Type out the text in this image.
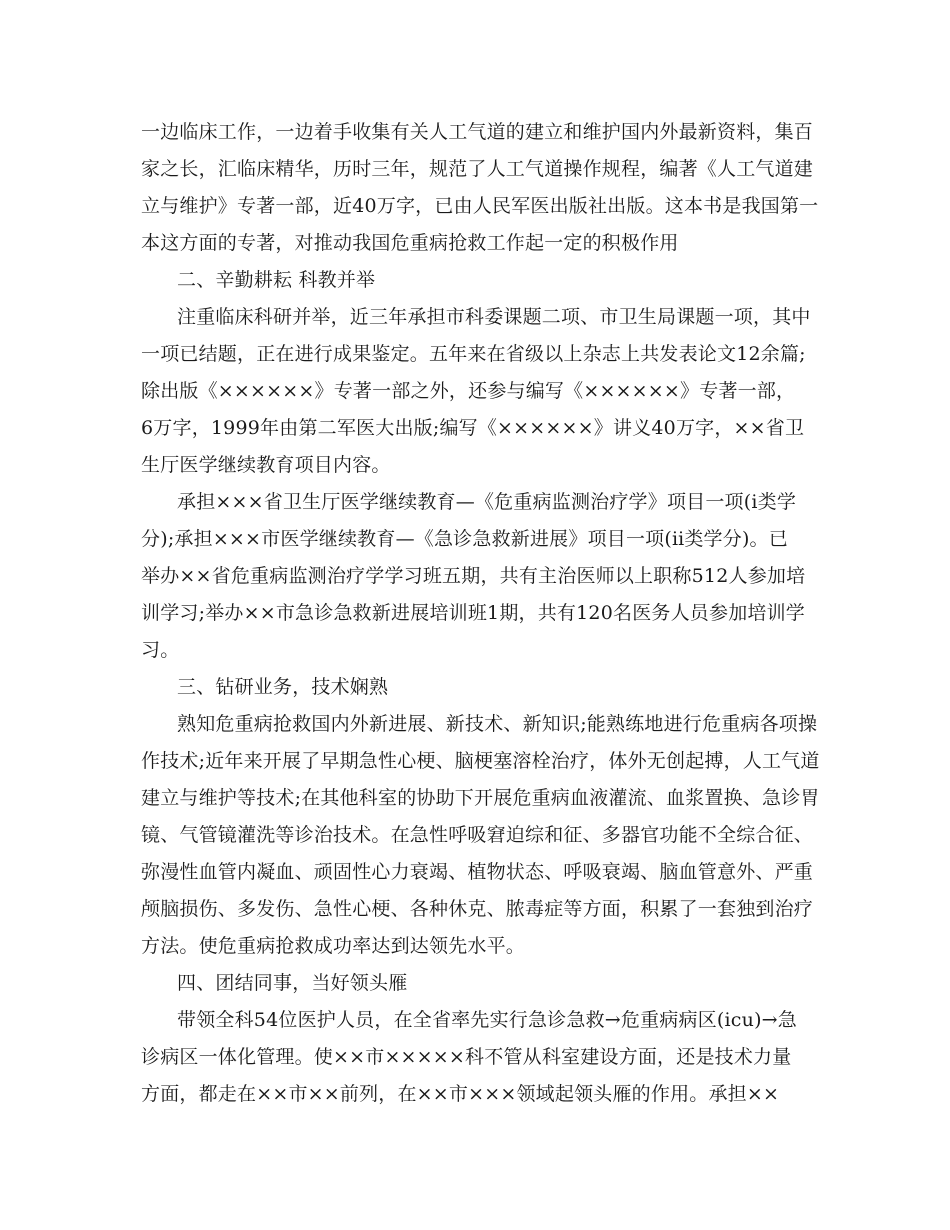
一边临床工作，一边着手收集有关人工气道的建立和维护国内外最新资料，集百
家之长，汇临床精华，历时三年，规范了人工气道操作规程，编著《人工气道建
立与维护》专著一部，近40万字，已由人民军医出版社出版。这本书是我国第一
本这方面的专著，对推动我国危重病抢救工作起一定的积极作用
二、辛勤耕耘 科教并举
注重临床科研并举，近三年承担市科委课题二项、市卫生局课题一项，其中
一项已结题，正在进行成果鉴定。五年来在省级以上杂志上共发表论文12余篇;
除出版《××××××》专著一部之外，还参与编写《××××××》专著一部，
6万字，1999年由第二军医大出版;编写《××××××》讲义40万字，××省卫
生厅医学继续教育项目内容。
承担×××省卫生厅医学继续教育—《危重病监测治疗学》项目一项(ⅰ类学
分);承担×××市医学继续教育—《急诊急救新进展》项目一项(ⅱ类学分)。已
举办××省危重病监测治疗学学习班五期，共有主治医师以上职称512人参加培
训学习;举办××市急诊急救新进展培训班1期，共有120名医务人员参加培训学
习。
三、钻研业务，技术娴熟
熟知危重病抢救国内外新进展、新技术、新知识;能熟练地进行危重病各项操
作技术;近年来开展了早期急性心梗、脑梗塞溶栓治疗，体外无创起搏，人工气道
建立与维护等技术;在其他科室的协助下开展危重病血液灌流、血浆置换、急诊胃
镜、气管镜灌洗等诊治技术。在急性呼吸窘迫综和征、多器官功能不全综合征、
弥漫性血管内凝血、顽固性心力衰竭、植物状态、呼吸衰竭、脑血管意外、严重
颅脑损伤、多发伤、急性心梗、各种休克、脓毒症等方面，积累了一套独到治疗
方法。使危重病抢救成功率达到达领先水平。
四、团结同事，当好领头雁
带领全科54位医护人员，在全省率先实行急诊急救→危重病病区(icu)→急
诊病区一体化管理。使××市×××××科不管从科室建设方面，还是技术力量
方面，都走在××市××前列，在××市×××领域起领头雁的作用。承担××
